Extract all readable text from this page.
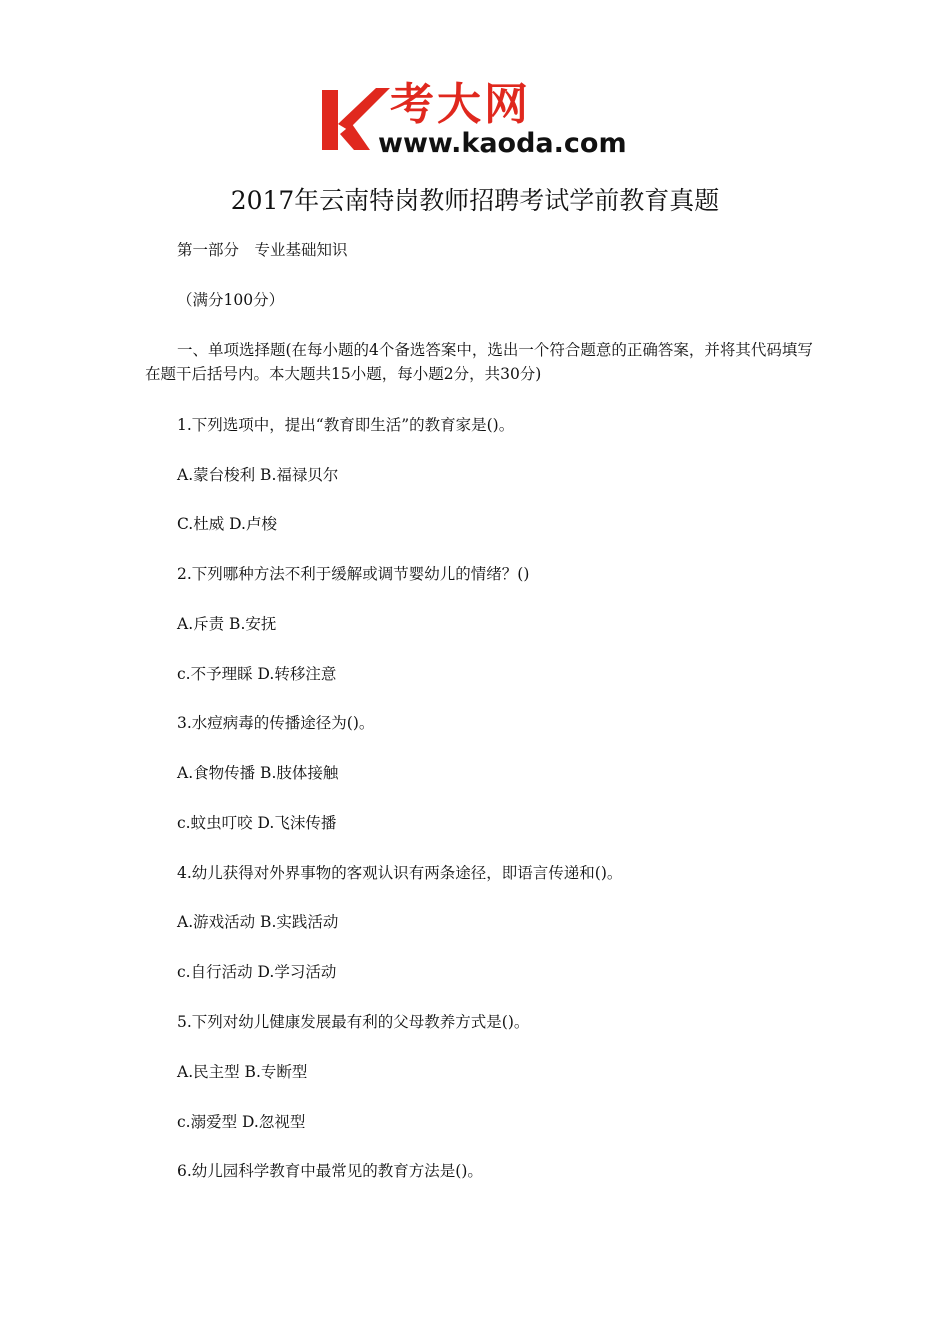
考大网
www.kaoda.com
2017年云南特岗教师招聘考试学前教育真题
第一部分　专业基础知识
（满分100分）
一、单项选择题(在每小题的4个备选答案中，选出一个符合题意的正确答案，并将其代码填写在题干后括号内。本大题共15小题，每小题2分，共30分)
1.下列选项中，提出“教育即生活”的教育家是()。
A.蒙台梭利 B.福禄贝尔
C.杜威 D.卢梭
2.下列哪种方法不利于缓解或调节婴幼儿的情绪？()
A.斥责 B.安抚
c.不予理睬 D.转移注意
3.水痘病毒的传播途径为()。
A.食物传播 B.肢体接触
c.蚊虫叮咬 D.飞沫传播
4.幼儿获得对外界事物的客观认识有两条途径，即语言传递和()。
A.游戏活动 B.实践活动
c.自行活动 D.学习活动
5.下列对幼儿健康发展最有利的父母教养方式是()。
A.民主型 B.专断型
c.溺爱型 D.忽视型
6.幼儿园科学教育中最常见的教育方法是()。
